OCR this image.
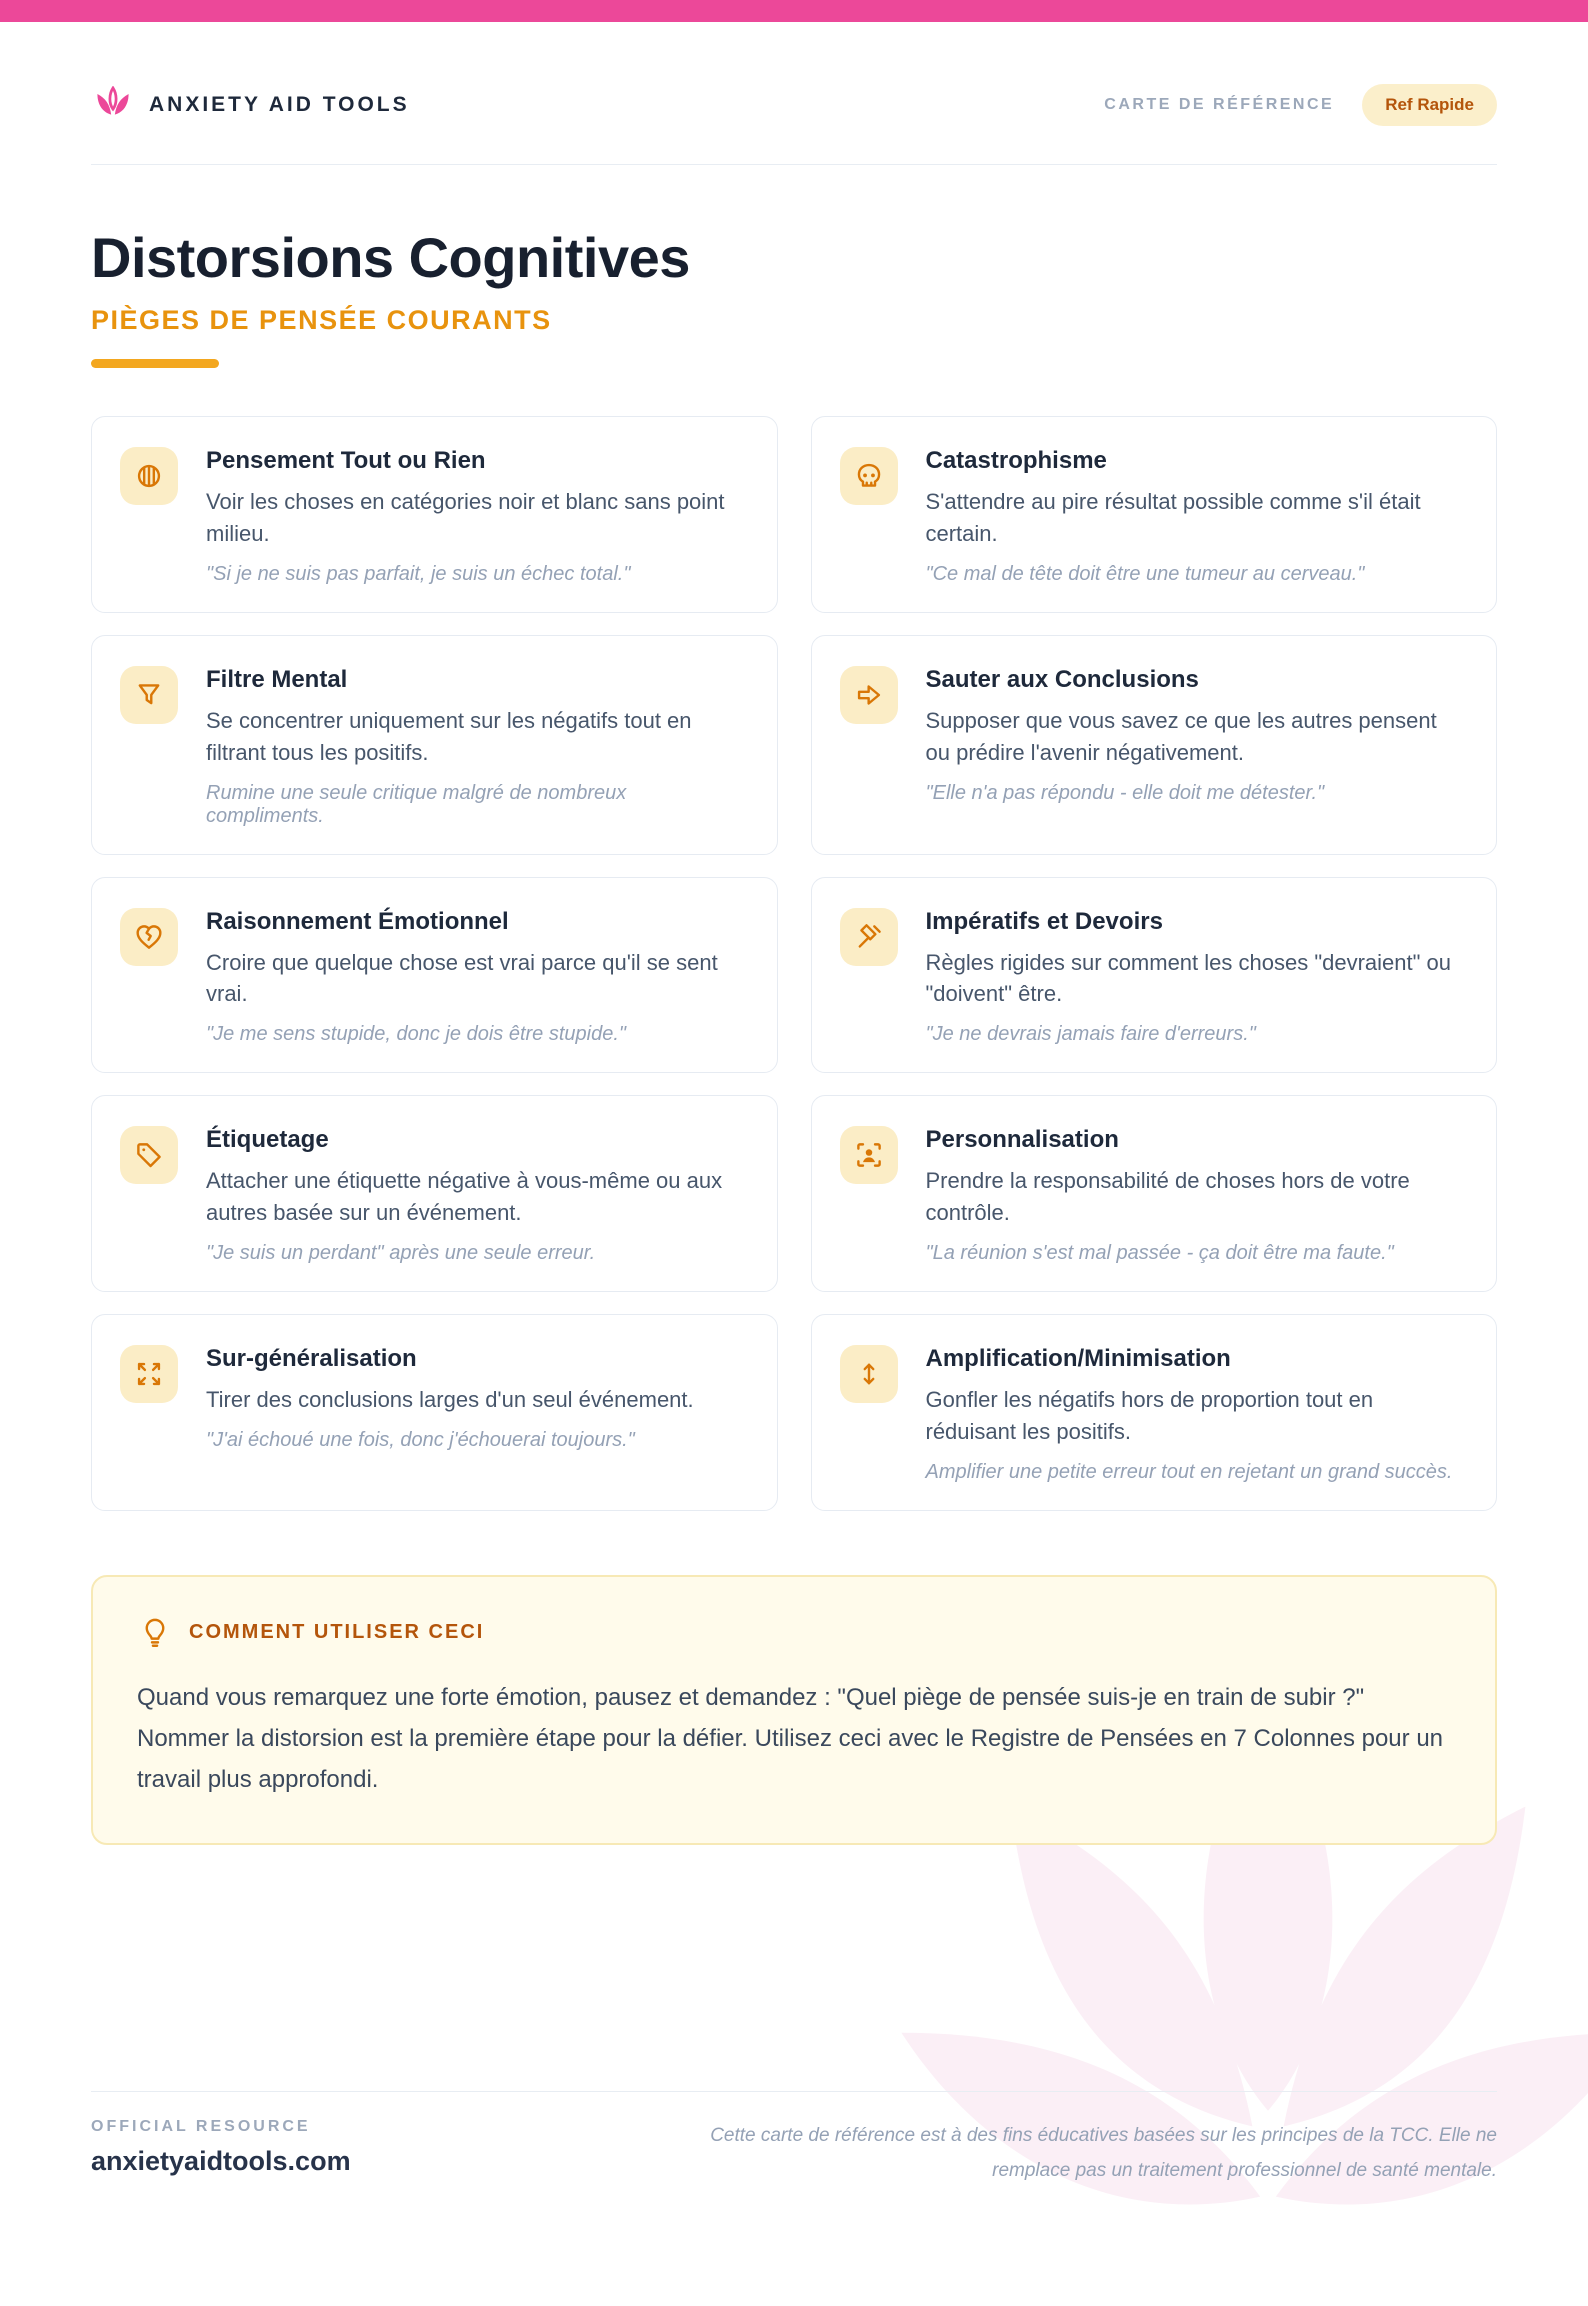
ANXIETY AID TOOLS	CARTE DE RÉFÉRENCE	Ref Rapide
Distorsions Cognitives
PIÈGES DE PENSÉE COURANTS
Pensement Tout ou Rien

Voir les choses en catégories noir et blanc sans point milieu.

"Si je ne suis pas parfait, je suis un échec total."

Catastrophisme

S'attendre au pire résultat possible comme s'il était certain.

"Ce mal de tête doit être une tumeur au cerveau."

Filtre Mental

Se concentrer uniquement sur les négatifs tout en filtrant tous les positifs.

Rumine une seule critique malgré de nombreux compliments.

Sauter aux Conclusions

Supposer que vous savez ce que les autres pensent ou prédire l'avenir négativement.

"Elle n'a pas répondu - elle doit me détester."

Raisonnement Émotionnel

Croire que quelque chose est vrai parce qu'il se sent vrai.

"Je me sens stupide, donc je dois être stupide."

Impératifs et Devoirs

Règles rigides sur comment les choses "devraient" ou "doivent" être.

"Je ne devrais jamais faire d'erreurs."

Étiquetage

Attacher une étiquette négative à vous-même ou aux autres basée sur un événement.

"Je suis un perdant" après une seule erreur.

Personnalisation

Prendre la responsabilité de choses hors de votre contrôle.

"La réunion s'est mal passée - ça doit être ma faute."

Sur-généralisation

Tirer des conclusions larges d'un seul événement.

"J'ai échoué une fois, donc j'échouerai toujours."

Amplification/Minimisation

Gonfler les négatifs hors de proportion tout en réduisant les positifs.

Amplifier une petite erreur tout en rejetant un grand succès.

COMMENT UTILISER CECI

Quand vous remarquez une forte émotion, pausez et demandez : "Quel piège de pensée suis-je en train de subir ?" Nommer la distorsion est la première étape pour la défier. Utilisez ceci avec le Registre de Pensées en 7 Colonnes pour un travail plus approfondi.

OFFICIAL RESOURCE
anxietyaidtools.com
Cette carte de référence est à des fins éducatives basées sur les principes de la TCC. Elle ne remplace pas un traitement professionnel de santé mentale.
